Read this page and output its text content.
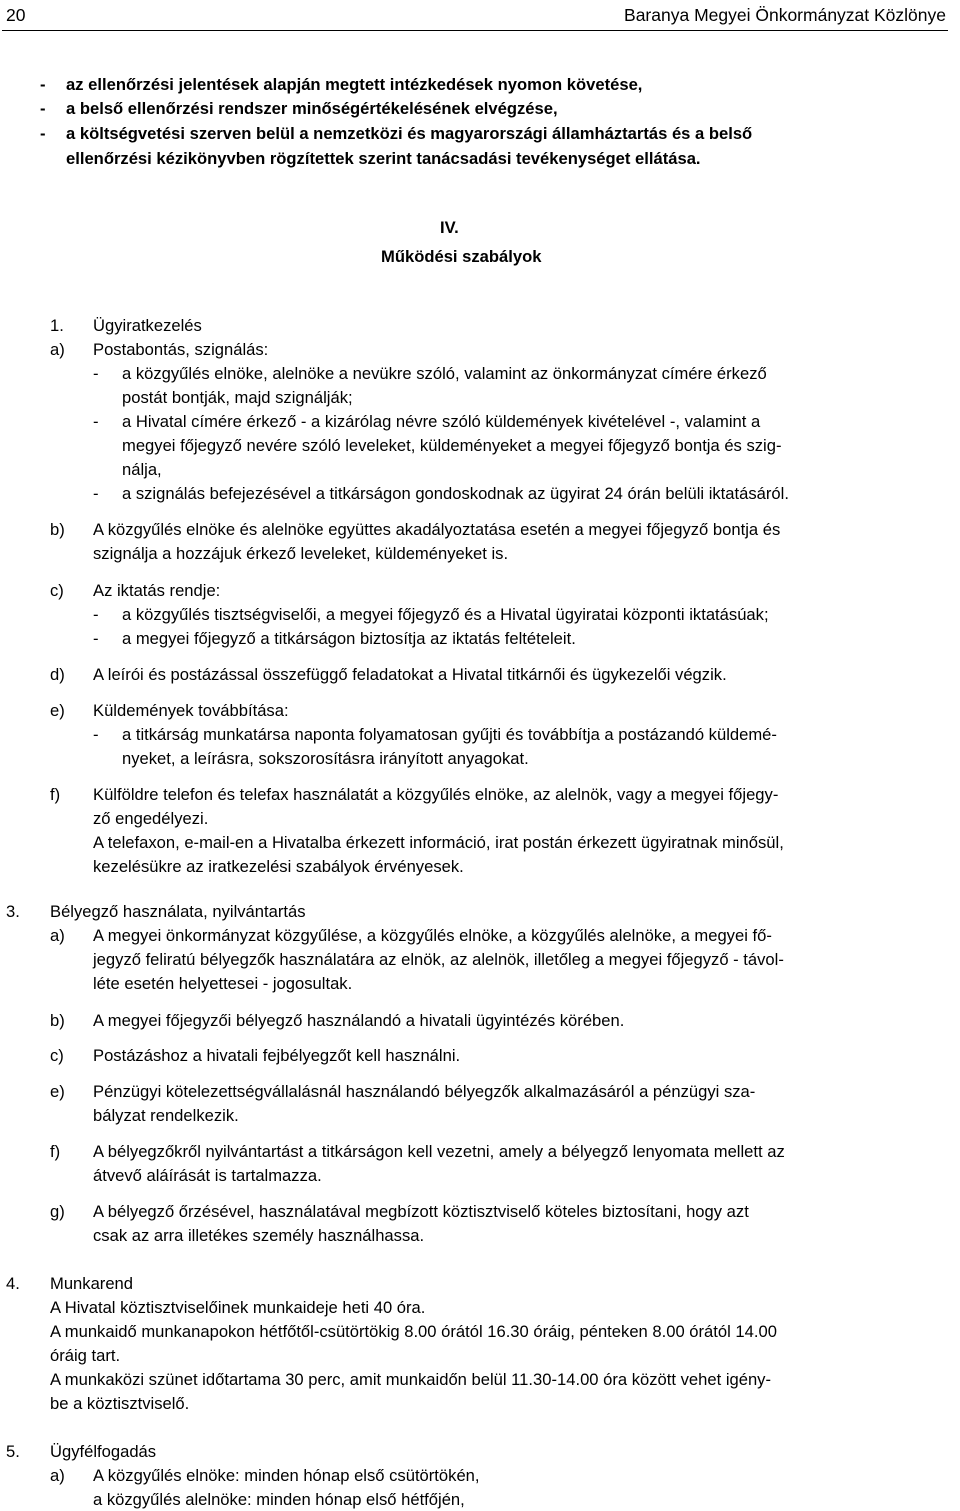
20	Baranya Megyei Önkormányzat Közlönye
- az ellenőrzési jelentések alapján megtett intézkedések nyomon követése,
- a belső ellenőrzési rendszer minőségértékelésének elvégzése,
- a költségvetési szerven belül a nemzetközi és magyarországi államháztartás és a belső
ellenőrzési kézikönyvben rögzítettek szerint tanácsadási tevékenységet ellátása.
IV.
Működési szabályok
1. Ügyiratkezelés
a) Postabontás, szignálás:
- a közgyűlés elnöke, alelnöke a nevükre szóló, valamint az önkormányzat címére érkező
postát bontják, majd szignálják;
- a Hivatal címére érkező - a kizárólag névre szóló küldemények kivételével -, valamint a
megyei főjegyző nevére szóló leveleket, küldeményeket a megyei főjegyző bontja és szig-
nálja,
- a szignálás befejezésével a titkárságon gondoskodnak az ügyirat 24 órán belüli iktatásáról.
b) A közgyűlés elnöke és alelnöke együttes akadályoztatása esetén a megyei főjegyző bontja és
szignálja a hozzájuk érkező leveleket, küldeményeket is.
c) Az iktatás rendje:
- a közgyűlés tisztségviselői, a megyei főjegyző és a Hivatal ügyiratai központi iktatásúak;
- a megyei főjegyző a titkárságon biztosítja az iktatás feltételeit.
d) A leírói és postázással összefüggő feladatokat a Hivatal titkárnői és ügykezelői végzik.
e) Küldemények továbbítása:
- a titkárság munkatársa naponta folyamatosan gyűjti és továbbítja a postázandó küldemé-
nyeket, a leírásra, sokszorosításra irányított anyagokat.
f) Külföldre telefon és telefax használatát a közgyűlés elnöke, az alelnök, vagy a megyei főjegy-
ző engedélyezi.
A telefaxon, e-mail-en a Hivatalba érkezett információ, irat postán érkezett ügyiratnak minősül,
kezelésükre az iratkezelési szabályok érvényesek.
3. Bélyegző használata, nyilvántartás
a) A megyei önkormányzat közgyűlése, a közgyűlés elnöke, a közgyűlés alelnöke, a megyei fő-
jegyző feliratú bélyegzők használatára az elnök, az alelnök, illetőleg a megyei főjegyző - távol-
léte esetén helyettesei - jogosultak.
b) A megyei főjegyzői bélyegző használandó a hivatali ügyintézés körében.
c) Postázáshoz a hivatali fejbélyegzőt kell használni.
e) Pénzügyi kötelezettségvállalásnál használandó bélyegzők alkalmazásáról a pénzügyi sza-
bályzat rendelkezik.
f) A bélyegzőkről nyilvántartást a titkárságon kell vezetni, amely a bélyegző lenyomata mellett az
átvevő aláírását is tartalmazza.
g) A bélyegző őrzésével, használatával megbízott köztisztviselő köteles biztosítani, hogy azt
csak az arra illetékes személy használhassa.
4. Munkarend
A Hivatal köztisztviselőinek munkaideje heti 40 óra.
A munkaidő munkanapokon hétfőtől-csütörtökig 8.00 órától 16.30 óráig, pénteken 8.00 órától 14.00
óráig tart.
A munkaközi szünet időtartama 30 perc, amit munkaidőn belül 11.30-14.00 óra között vehet igény-
be a köztisztviselő.
5. Ügyfélfogadás
a) A közgyűlés elnöke: minden hónap első csütörtökén,
a közgyűlés alelnöke: minden hónap első hétfőjén,
